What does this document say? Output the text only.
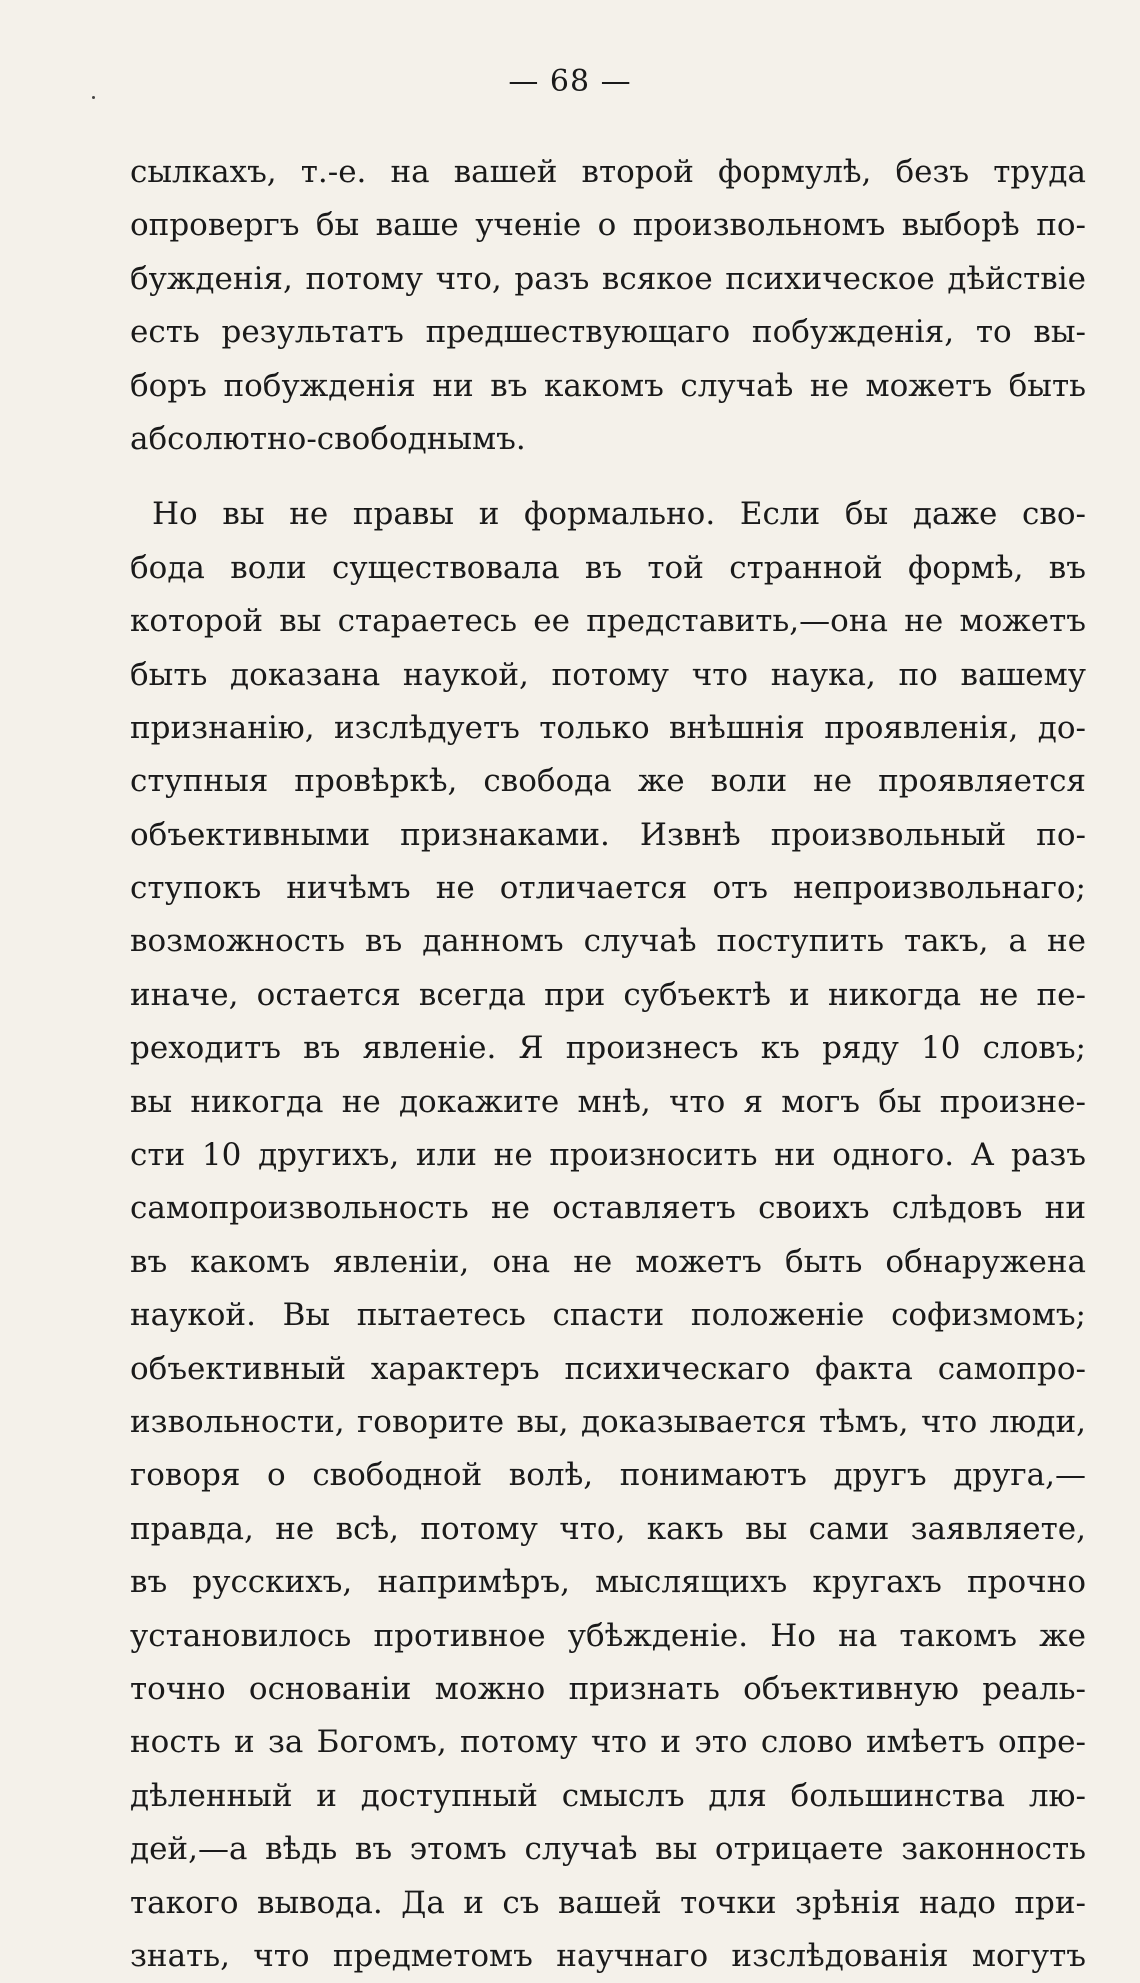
— 68 —
сылкахъ, т.-е. на вашей второй формулѣ, безъ труда
опровергъ бы ваше ученіе о произвольномъ выборѣ по-
бужденія, потому что, разъ всякое психическое дѣйствіе
есть результатъ предшествующаго побужденія, то вы-
боръ побужденія ни въ какомъ случаѣ не можетъ быть
абсолютно-свободнымъ.
Но вы не правы и формально. Если бы даже сво-
бода воли существовала въ той странной формѣ, въ
которой вы стараетесь ее представить,—она не можетъ
быть доказана наукой, потому что наука, по вашему
признанію, изслѣдуетъ только внѣшнія проявленія, до-
ступныя провѣркѣ, свобода же воли не проявляется
объективными признаками. Извнѣ произвольный по-
ступокъ ничѣмъ не отличается отъ непроизвольнаго;
возможность въ данномъ случаѣ поступить такъ, а не
иначе, остается всегда при субъектѣ и никогда не пе-
реходитъ въ явленіе. Я произнесъ къ ряду 10 словъ;
вы никогда не докажите мнѣ, что я могъ бы произне-
сти 10 другихъ, или не произносить ни одного. А разъ
самопроизвольность не оставляетъ своихъ слѣдовъ ни
въ какомъ явленіи, она не можетъ быть обнаружена
наукой. Вы пытаетесь спасти положеніе софизмомъ;
объективный характеръ психическаго факта самопро-
извольности, говорите вы, доказывается тѣмъ, что люди,
говоря о свободной волѣ, понимаютъ другъ друга,—
правда, не всѣ, потому что, какъ вы сами заявляете,
въ русскихъ, напримѣръ, мыслящихъ кругахъ прочно
установилось противное убѣжденіе. Но на такомъ же
точно основаніи можно признать объективную реаль-
ность и за Богомъ, потому что и это слово имѣетъ опре-
дѣленный и доступный смыслъ для большинства лю-
дей,—а вѣдь въ этомъ случаѣ вы отрицаете законность
такого вывода. Да и съ вашей точки зрѣнія надо при-
знать, что предметомъ научнаго изслѣдованія могутъ
